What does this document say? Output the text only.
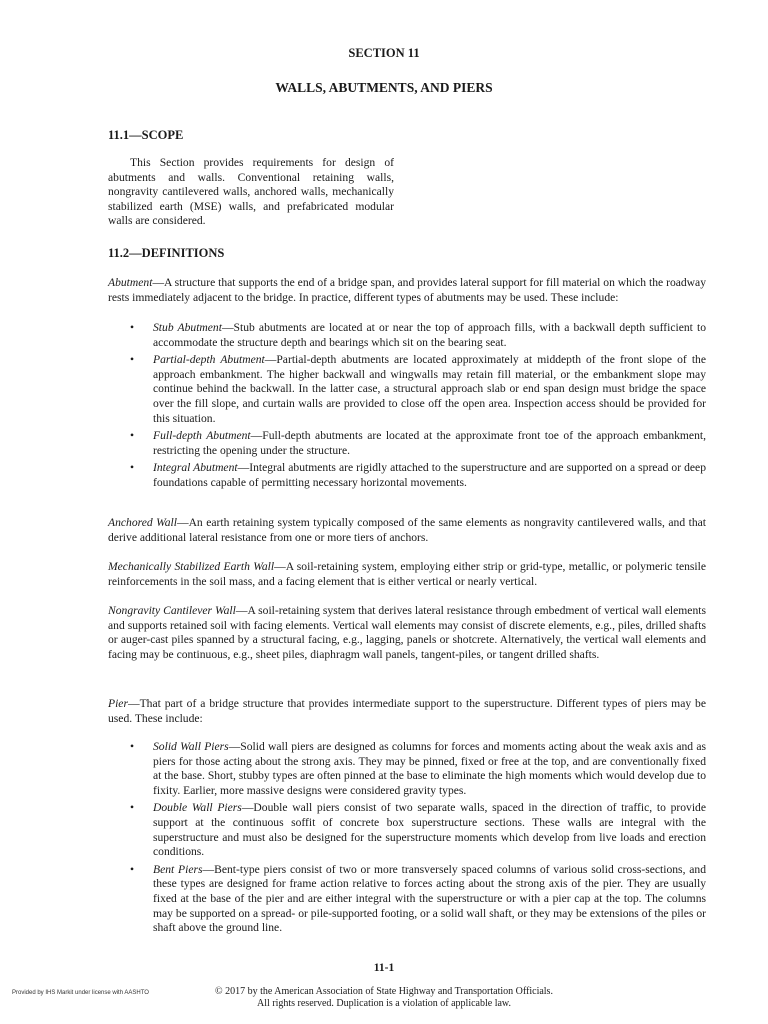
SECTION 11
WALLS, ABUTMENTS, AND PIERS
11.1—SCOPE
This Section provides requirements for design of abutments and walls. Conventional retaining walls, nongravity cantilevered walls, anchored walls, mechanically stabilized earth (MSE) walls, and prefabricated modular walls are considered.
11.2—DEFINITIONS
Abutment—A structure that supports the end of a bridge span, and provides lateral support for fill material on which the roadway rests immediately adjacent to the bridge. In practice, different types of abutments may be used. These include:
• Stub Abutment—Stub abutments are located at or near the top of approach fills, with a backwall depth sufficient to accommodate the structure depth and bearings which sit on the bearing seat.
• Partial-depth Abutment—Partial-depth abutments are located approximately at middepth of the front slope of the approach embankment. The higher backwall and wingwalls may retain fill material, or the embankment slope may continue behind the backwall. In the latter case, a structural approach slab or end span design must bridge the space over the fill slope, and curtain walls are provided to close off the open area. Inspection access should be provided for this situation.
• Full-depth Abutment—Full-depth abutments are located at the approximate front toe of the approach embankment, restricting the opening under the structure.
• Integral Abutment—Integral abutments are rigidly attached to the superstructure and are supported on a spread or deep foundations capable of permitting necessary horizontal movements.
Anchored Wall—An earth retaining system typically composed of the same elements as nongravity cantilevered walls, and that derive additional lateral resistance from one or more tiers of anchors.
Mechanically Stabilized Earth Wall—A soil-retaining system, employing either strip or grid-type, metallic, or polymeric tensile reinforcements in the soil mass, and a facing element that is either vertical or nearly vertical.
Nongravity Cantilever Wall—A soil-retaining system that derives lateral resistance through embedment of vertical wall elements and supports retained soil with facing elements. Vertical wall elements may consist of discrete elements, e.g., piles, drilled shafts or auger-cast piles spanned by a structural facing, e.g., lagging, panels or shotcrete. Alternatively, the vertical wall elements and facing may be continuous, e.g., sheet piles, diaphragm wall panels, tangent-piles, or tangent drilled shafts.
Pier—That part of a bridge structure that provides intermediate support to the superstructure. Different types of piers may be used. These include:
• Solid Wall Piers—Solid wall piers are designed as columns for forces and moments acting about the weak axis and as piers for those acting about the strong axis. They may be pinned, fixed or free at the top, and are conventionally fixed at the base. Short, stubby types are often pinned at the base to eliminate the high moments which would develop due to fixity. Earlier, more massive designs were considered gravity types.
• Double Wall Piers—Double wall piers consist of two separate walls, spaced in the direction of traffic, to provide support at the continuous soffit of concrete box superstructure sections. These walls are integral with the superstructure and must also be designed for the superstructure moments which develop from live loads and erection conditions.
• Bent Piers—Bent-type piers consist of two or more transversely spaced columns of various solid cross-sections, and these types are designed for frame action relative to forces acting about the strong axis of the pier. They are usually fixed at the base of the pier and are either integral with the superstructure or with a pier cap at the top. The columns may be supported on a spread- or pile-supported footing, or a solid wall shaft, or they may be extensions of the piles or shaft above the ground line.
11-1
Provided by IHS Markit under license with AASHTO	© 2017 by the American Association of State Highway and Transportation Officials.
All rights reserved. Duplication is a violation of applicable law.
